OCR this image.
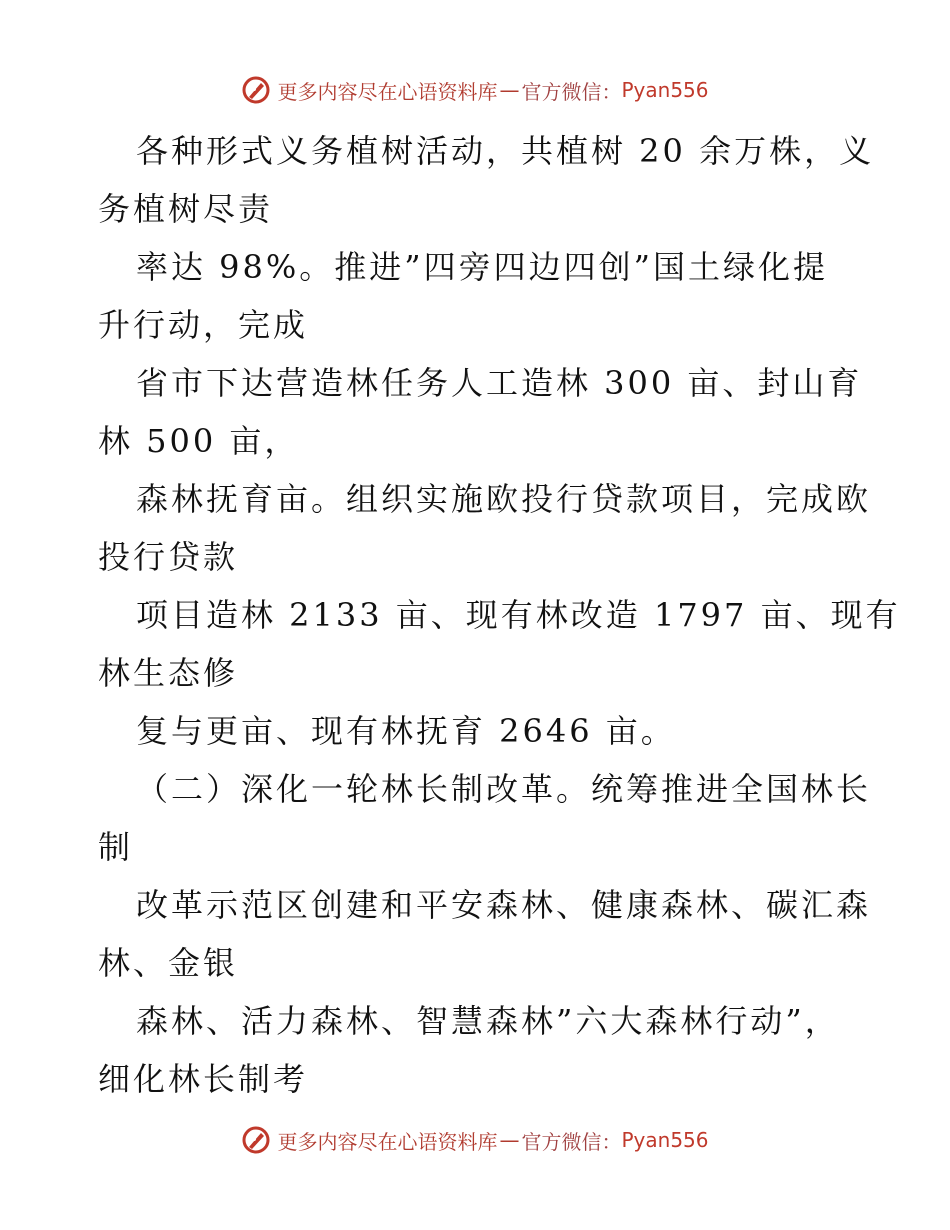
更多内容尽在心语资料库 — 官方微信： Pyan556
各种形式义务植树活动，共植树 20 余万株，义
务植树尽责
率达 98%。推进”四旁四边四创”国土绿化提
升行动，完成
省市下达营造林任务人工造林 300 亩、封山育
林 500 亩，
森林抚育亩。组织实施欧投行贷款项目，完成欧
投行贷款
项目造林 2133 亩、现有林改造 1797 亩、现有
林生态修
复与更亩、现有林抚育 2646 亩。
（二）深化一轮林长制改革。统筹推进全国林长
制
改革示范区创建和平安森林、健康森林、碳汇森
林、金银
森林、活力森林、智慧森林”六大森林行动”，
细化林长制考
更多内容尽在心语资料库 — 官方微信： Pyan556
